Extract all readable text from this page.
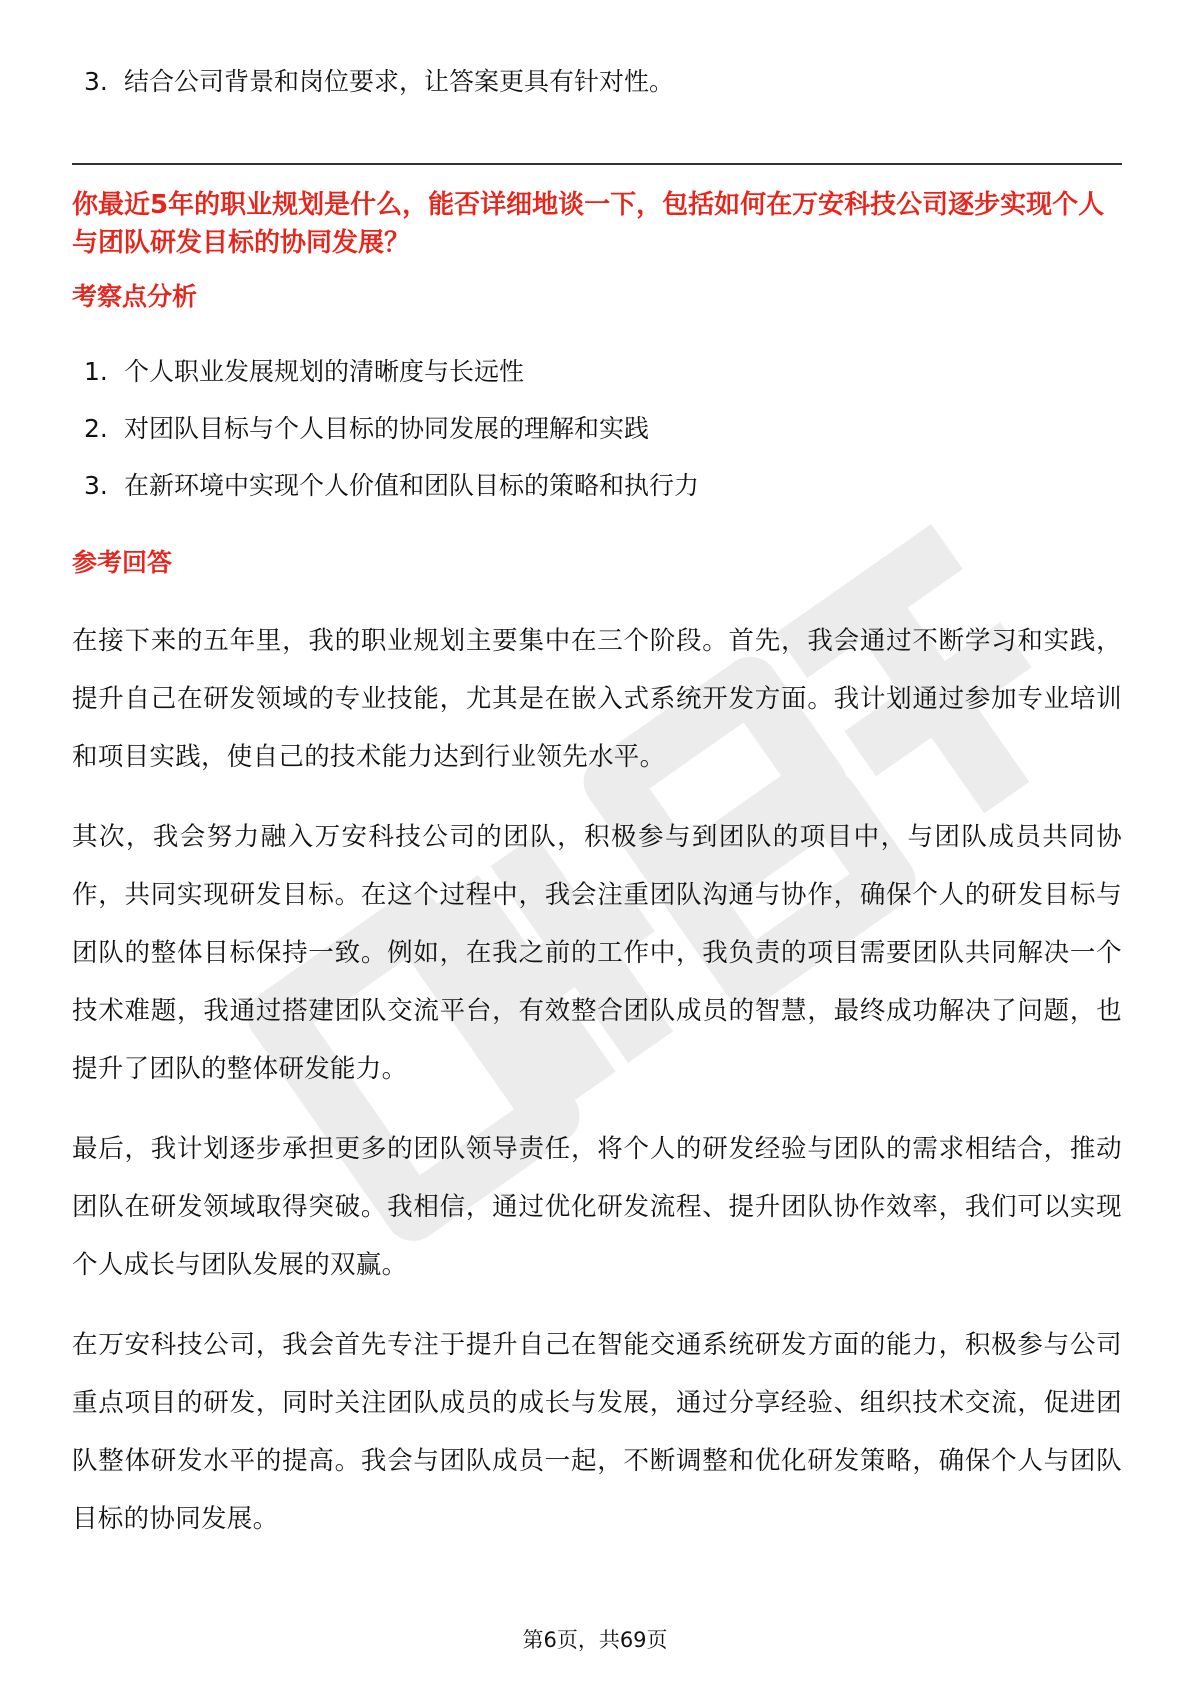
3. 结合公司背景和岗位要求，让答案更具有针对性。
你最近5年的职业规划是什么，能否详细地谈一下，包括如何在万安科技公司逐步实现个人与团队研发目标的协同发展？
考察点分析
1. 个人职业发展规划的清晰度与长远性
2. 对团队目标与个人目标的协同发展的理解和实践
3. 在新环境中实现个人价值和团队目标的策略和执行力
参考回答

在接下来的五年里，我的职业规划主要集中在三个阶段。首先，我会通过不断学习和实践，提升自己在研发领域的专业技能，尤其是在嵌入式系统开发方面。我计划通过参加专业培训和项目实践，使自己的技术能力达到行业领先水平。

其次，我会努力融入万安科技公司的团队，积极参与到团队的项目中，与团队成员共同协作，共同实现研发目标。在这个过程中，我会注重团队沟通与协作，确保个人的研发目标与团队的整体目标保持一致。例如，在我之前的工作中，我负责的项目需要团队共同解决一个技术难题，我通过搭建团队交流平台，有效整合团队成员的智慧，最终成功解决了问题，也提升了团队的整体研发能力。

最后，我计划逐步承担更多的团队领导责任，将个人的研发经验与团队的需求相结合，推动团队在研发领域取得突破。我相信，通过优化研发流程、提升团队协作效率，我们可以实现个人成长与团队发展的双赢。

在万安科技公司，我会首先专注于提升自己在智能交通系统研发方面的能力，积极参与公司重点项目的研发，同时关注团队成员的成长与发展，通过分享经验、组织技术交流，促进团队整体研发水平的提高。我会与团队成员一起，不断调整和优化研发策略，确保个人与团队目标的协同发展。

第6页，共69页
